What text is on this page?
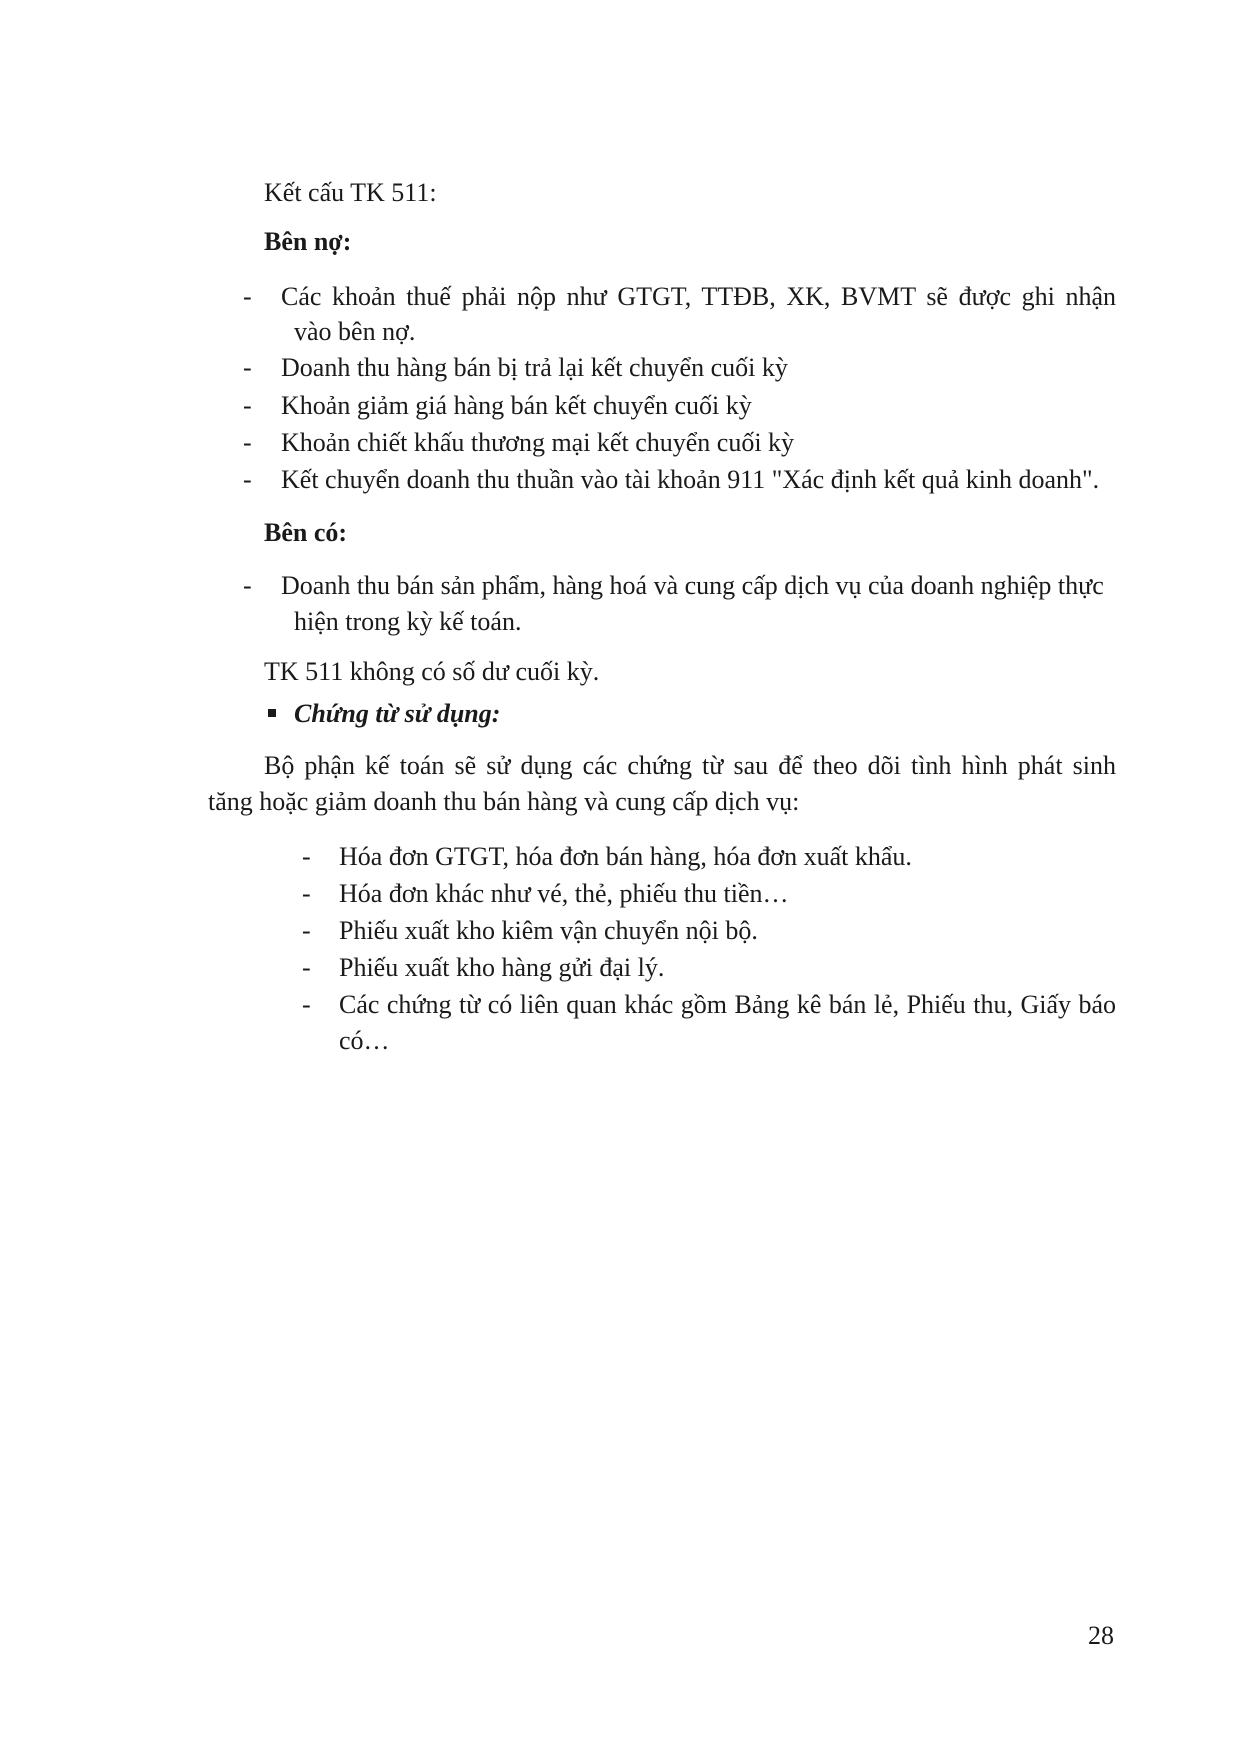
Kết cấu TK 511:
Bên nợ:
- Các khoản thuế phải nộp như GTGT, TTĐB, XK, BVMT sẽ được ghi nhận
vào bên nợ.
- Doanh thu hàng bán bị trả lại kết chuyển cuối kỳ
- Khoản giảm giá hàng bán kết chuyển cuối kỳ
- Khoản chiết khấu thương mại kết chuyển cuối kỳ
- Kết chuyển doanh thu thuần vào tài khoản 911 "Xác định kết quả kinh doanh".
Bên có:
- Doanh thu bán sản phẩm, hàng hoá và cung cấp dịch vụ của doanh nghiệp thực
hiện trong kỳ kế toán.
TK 511 không có số dư cuối kỳ.
Chứng từ sử dụng:
Bộ phận kế toán sẽ sử dụng các chứng từ sau để theo dõi tình hình phát sinh
tăng hoặc giảm doanh thu bán hàng và cung cấp dịch vụ:
- Hóa đơn GTGT, hóa đơn bán hàng, hóa đơn xuất khẩu.
- Hóa đơn khác như vé, thẻ, phiếu thu tiền…
- Phiếu xuất kho kiêm vận chuyển nội bộ.
- Phiếu xuất kho hàng gửi đại lý.
- Các chứng từ có liên quan khác gồm Bảng kê bán lẻ, Phiếu thu, Giấy báo
có…
28
